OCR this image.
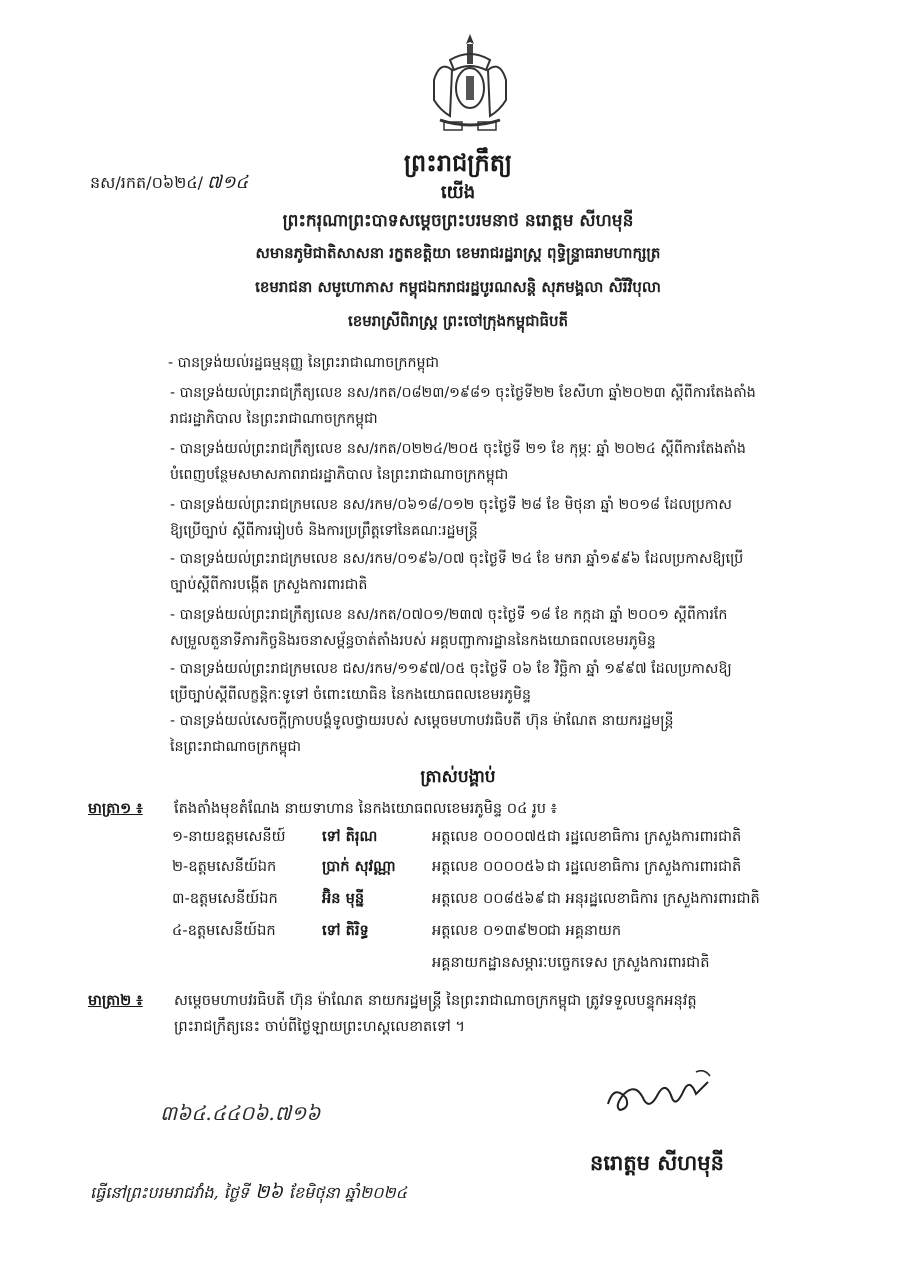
នស/រកត/០៦២៤/ ៧១៤
ព្រះរាជក្រឹត្យ
យើង
ព្រះករុណាព្រះបាទសម្តេចព្រះបរមនាថ នរោត្តម សីហមុនី
សមានភូមិជាតិសាសនា រក្ខតខត្តិយា ខេមរាជរដ្ឋរាស្ត្រ ពុទ្ធិន្ទ្រាធរាមហាក្សត្រ
ខេមរាជនា សមូហោភាស កម្ពុជឯករាជរដ្ឋបូរណសន្តិ សុភមង្គលា សិរីវិបុលា
ខេមរាស្រីពិរាស្ត្រ ព្រះចៅក្រុងកម្ពុជាធិបតី
- បានទ្រង់យល់រដ្ឋធម្មនុញ្ញ នៃព្រះរាជាណាចក្រកម្ពុជា
- បានទ្រង់យល់ព្រះរាជក្រឹត្យលេខ នស/រកត/០៨២៣/១៩៨១ ចុះថ្ងៃទី២២ ខែសីហា ឆ្នាំ២០២៣ ស្តីពីការតែងតាំង
រាជរដ្ឋាភិបាល នៃព្រះរាជាណាចក្រកម្ពុជា
- បានទ្រង់យល់ព្រះរាជក្រឹត្យលេខ នស/រកត/០២២៤/២០៥ ចុះថ្ងៃទី ២១ ខែ កុម្ភៈ ឆ្នាំ ២០២៤ ស្តីពីការតែងតាំង
បំពេញបន្ថែមសមាសភាពរាជរដ្ឋាភិបាល នៃព្រះរាជាណាចក្រកម្ពុជា
- បានទ្រង់យល់ព្រះរាជក្រមលេខ នស/រកម/០៦១៨/០១២ ចុះថ្ងៃទី ២៨ ខែ មិថុនា ឆ្នាំ ២០១៨ ដែលប្រកាស
ឱ្យប្រើច្បាប់ ស្តីពីការរៀបចំ និងការប្រព្រឹត្តទៅនៃគណៈរដ្ឋមន្ត្រី
- បានទ្រង់យល់ព្រះរាជក្រមលេខ នស/រកម/០១៩៦/០៧ ចុះថ្ងៃទី ២៤ ខែ មករា ឆ្នាំ១៩៩៦ ដែលប្រកាសឱ្យប្រើ
ច្បាប់ស្តីពីការបង្កើត ក្រសួងការពារជាតិ
- បានទ្រង់យល់ព្រះរាជក្រឹត្យលេខ នស/រកត/០៧០១/២៣៧ ចុះថ្ងៃទី ១៨ ខែ កក្កដា ឆ្នាំ ២០០១ ស្តីពីការកែ
សម្រួលតួនាទីភារកិច្ចនិងរចនាសម្ព័ន្ធចាត់តាំងរបស់ អគ្គបញ្ជាការដ្ឋាននៃកងយោធពលខេមរភូមិន្ទ
- បានទ្រង់យល់ព្រះរាជក្រមលេខ ជស/រកម/១១៩៧/០៥ ចុះថ្ងៃទី ០៦ ខែ វិច្ឆិកា ឆ្នាំ ១៩៩៧ ដែលប្រកាសឱ្យ
ប្រើច្បាប់ស្តីពីលក្ខន្តិកៈទូទៅ ចំពោះយោធិន នៃកងយោធពលខេមរភូមិន្ទ
- បានទ្រង់យល់សេចក្តីក្រាបបង្គំទូលថ្វាយរបស់ សម្តេចមហាបវរធិបតី ហ៊ុន ម៉ាណែត នាយករដ្ឋមន្ត្រី
នៃព្រះរាជាណាចក្រកម្ពុជា
ត្រាស់បង្គាប់
មាត្រា១ ៖ តែងតាំងមុខតំណែង នាយទាហាន នៃកងយោធពលខេមរភូមិន្ទ ០៤ រូប ៖
១-នាយឧត្តមសេនីយ៍ ទៅ តិរុណ	អត្តលេខ ០០០០៧៥ ជា រដ្ឋលេខាធិការ ក្រសួងការពារជាតិ
២-ឧត្តមសេនីយ៍ឯក	ប្រាក់ សុវណ្ណា អត្តលេខ ០០០០៥៦ ជា រដ្ឋលេខាធិការ ក្រសួងការពារជាតិ
៣-ឧត្តមសេនីយ៍ឯក	អ៊ិន មុន្នី	អត្តលេខ ០០៨៥៦៩ ជា អនុរដ្ឋលេខាធិការ ក្រសួងការពារជាតិ
៤-ឧត្តមសេនីយ៍ឯក	ទៅ តិរិទ្ធ	អត្តលេខ ០១៣៩២០
ជា អគ្គនាយក
អគ្គនាយកដ្ឋានសម្ភារៈបច្ចេកទេស ក្រសួងការពារជាតិ
មាត្រា២ ៖ សម្តេចមហាបវរធិបតី ហ៊ុន ម៉ាណែត នាយករដ្ឋមន្ត្រី នៃព្រះរាជាណាចក្រកម្ពុជា ត្រូវទទួលបន្ទុកអនុវត្ត
ព្រះរាជក្រឹត្យនេះ ចាប់ពីថ្ងៃឡាយព្រះហស្តលេខាតទៅ ។
៣៦៤.៤៤០៦.៧១៦
នរោត្តម សីហមុនី
ធ្វើនៅព្រះបរមរាជវាំង, ថ្ងៃទី ២៦ ខែមិថុនា ឆ្នាំ២០២៤
